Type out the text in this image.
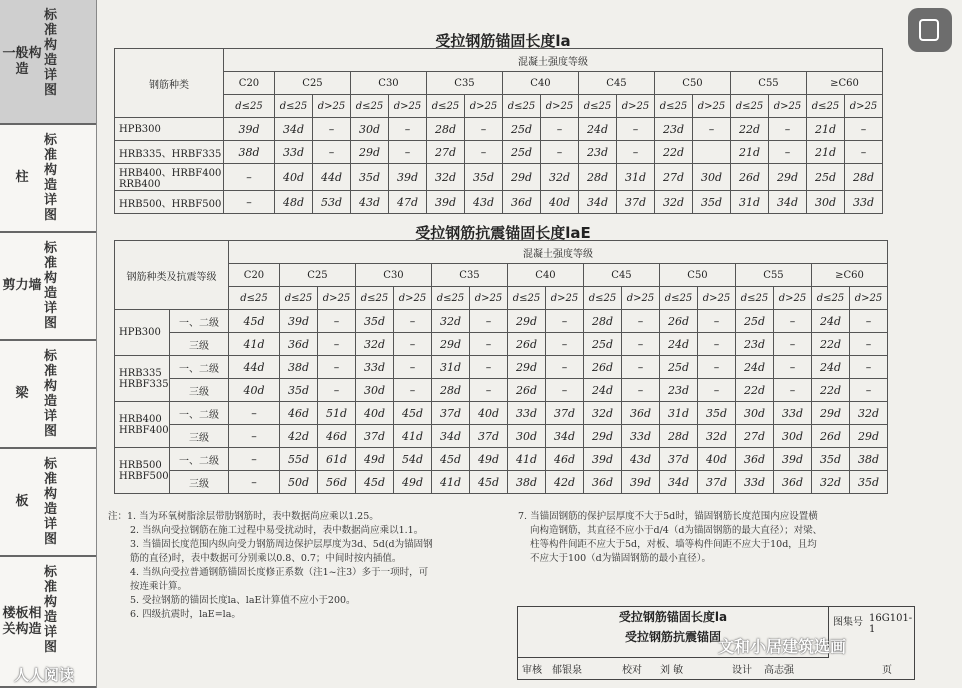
一般构造
标准构造详图
柱
标准构造详图
剪力墙
标准构造详图
梁
标准构造详图
板
标准构造详图
楼板相关构造
标准构造详图
受拉钢筋锚固长度la
钢筋种类	混凝土强度等级																
	C20	C25		C30		C35		C40		C45		C50		C55		≥C60	
	d≤25	d≤25	d>25	d≤25	d>25	d≤25	d>25	d≤25	d>25	d≤25	d>25	d≤25	d>25	d≤25	d>25	d≤25	d>25
HPB300	39d	34d	–	30d	–	28d	–	25d	–	24d	–	23d	–	22d	–	21d	–
HRB335、HRBF335	38d	33d	–	29d	–	27d	–	25d	–	23d	–	22d		21d	–	21d	–
HRB400、HRBF400 RRB400	–	40d	44d	35d	39d	32d	35d	29d	32d	28d	31d	27d	30d	26d	29d	25d	28d
HRB500、HRBF500	–	48d	53d	43d	47d	39d	43d	36d	40d	34d	37d	32d	35d	31d	34d	30d	33d
受拉钢筋抗震锚固长度laE
钢筋种类及抗震等级		混凝土强度等级																
		C20	C25		C30		C35		C40		C45		C50		C55		≥C60	
		d≤25	d≤25	d>25	d≤25	d>25	d≤25	d>25	d≤25	d>25	d≤25	d>25	d≤25	d>25	d≤25	d>25	d≤25	d>25
HPB300	一、二级	45d	39d	–	35d	–	32d	–	29d	–	28d	–	26d	–	25d	–	24d	–
	三级	41d	36d	–	32d	–	29d	–	26d	–	25d	–	24d	–	23d	–	22d	–
HRB335 HRBF335	一、二级	44d	38d	–	33d	–	31d	–	29d	–	26d	–	25d	–	24d	–	24d	–
	三级	40d	35d	–	30d	–	28d	–	26d	–	24d	–	23d	–	22d	–	22d	–
HRB400 HRBF400	一、二级	–	46d	51d	40d	45d	37d	40d	33d	37d	32d	36d	31d	35d	30d	33d	29d	32d
	三级	–	42d	46d	37d	41d	34d	37d	30d	34d	29d	33d	28d	32d	27d	30d	26d	29d
HRB500 HRBF500	一、二级	–	55d	61d	49d	54d	45d	49d	41d	46d	39d	43d	37d	40d	36d	39d	35d	38d
	三级	–	50d	56d	45d	49d	41d	45d	38d	42d	36d	39d	34d	37d	33d	36d	32d	35d
注：1. 当为环氧树脂涂层带肋钢筋时，表中数据尚应乘以1.25。
2. 当纵向受拉钢筋在施工过程中易受扰动时，表中数据尚应乘以1.1。
3. 当锚固长度范围内纵向受力钢筋周边保护层厚度为3d、5d(d为锚固钢
筋的直径)时，表中数据可分别乘以0.8、0.7；中间时按内插值。
4. 当纵向受拉普通钢筋锚固长度修正系数（注1~注3）多于一项时，可
按连乘计算。
5. 受拉钢筋的锚固长度la、laE计算值不应小于200。
6. 四级抗震时，laE=la。
7. 当锚固钢筋的保护层厚度不大于5d时，锚固钢筋长度范围内应设置横
向构造钢筋，其直径不应小于d/4（d为锚固钢筋的最大直径）；对梁、
柱等构件间距不应大于5d，对板、墙等构件间距不应大于10d，且均
不应大于100（d为锚固钢筋的最小直径）。
受拉钢筋锚固长度la
受拉钢筋抗震锚固
图集号 16G101-1
审核 郁银泉	校对 刘 敏	设计 高志强	页
文和小居建筑选画
人人阅读
